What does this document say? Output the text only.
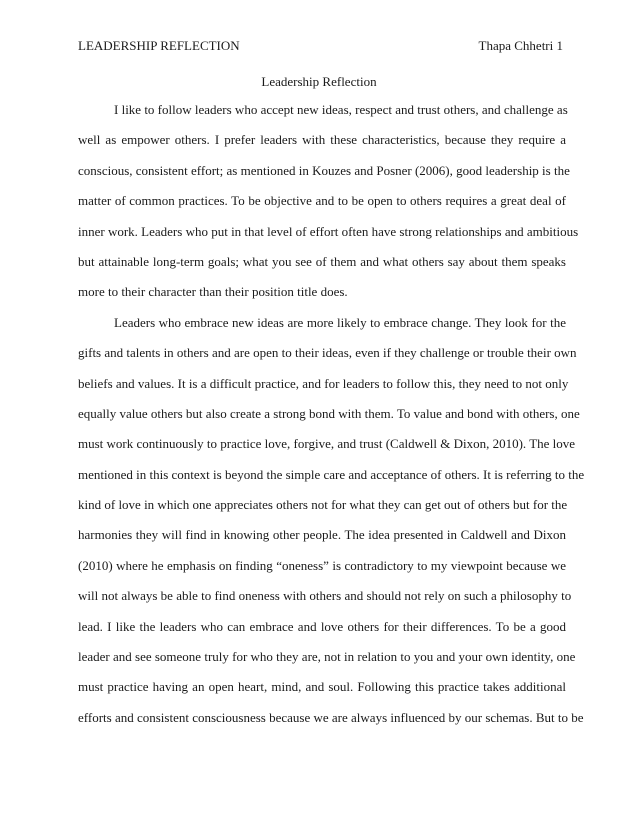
LEADERSHIP REFLECTION	Thapa Chhetri 1
Leadership Reflection
I like to follow leaders who accept new ideas, respect and trust others, and challenge as
well as empower others. I prefer leaders with these characteristics, because they require a
conscious, consistent effort; as mentioned in Kouzes and Posner (2006), good leadership is the
matter of common practices. To be objective and to be open to others requires a great deal of
inner work. Leaders who put in that level of effort often have strong relationships and ambitious
but attainable long-term goals; what you see of them and what others say about them speaks
more to their character than their position title does.
Leaders who embrace new ideas are more likely to embrace change. They look for the
gifts and talents in others and are open to their ideas, even if they challenge or trouble their own
beliefs and values. It is a difficult practice, and for leaders to follow this, they need to not only
equally value others but also create a strong bond with them. To value and bond with others, one
must work continuously to practice love, forgive, and trust (Caldwell & Dixon, 2010). The love
mentioned in this context is beyond the simple care and acceptance of others. It is referring to the
kind of love in which one appreciates others not for what they can get out of others but for the
harmonies they will find in knowing other people. The idea presented in Caldwell and Dixon
(2010) where he emphasis on finding “oneness” is contradictory to my viewpoint because we
will not always be able to find oneness with others and should not rely on such a philosophy to
lead. I like the leaders who can embrace and love others for their differences. To be a good
leader and see someone truly for who they are, not in relation to you and your own identity, one
must practice having an open heart, mind, and soul. Following this practice takes additional
efforts and consistent consciousness because we are always influenced by our schemas. But to be
